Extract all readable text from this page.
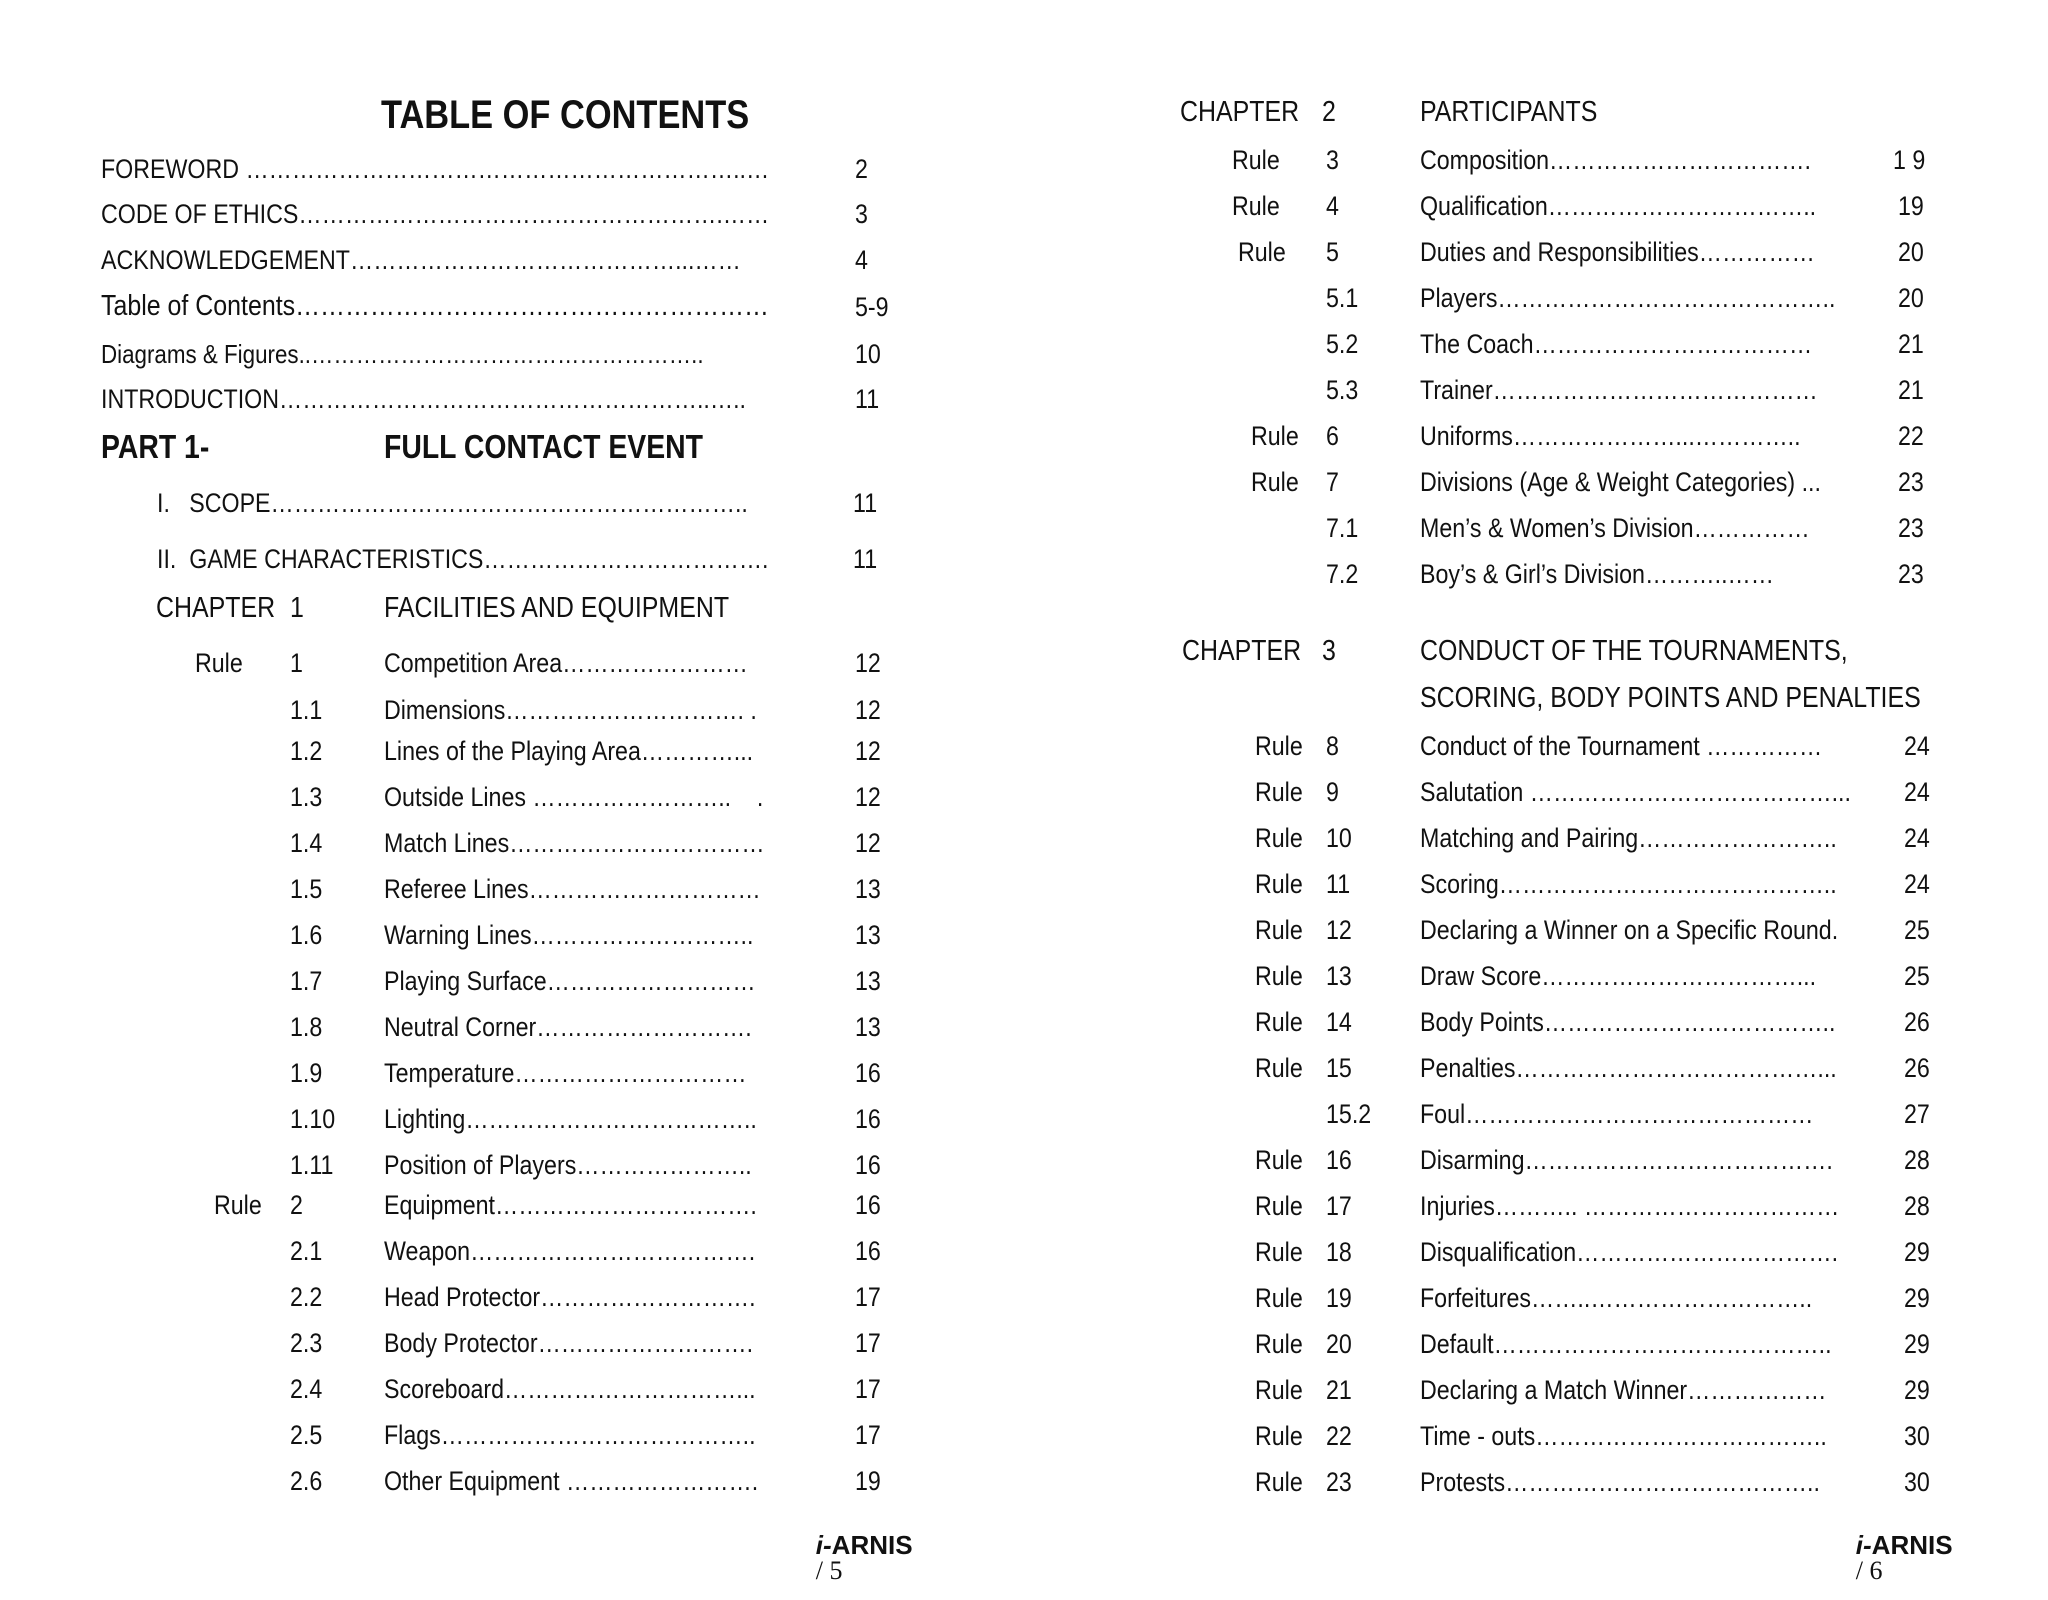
TABLE OF CONTENTS
FOREWORD ………………………………………………………..…	2
CODE OF ETHICS……………………………………………….……	3
ACKNOWLEDGEMENT……………………………………...……	4
Table of Contents…………………………………………………	5-9
Diagrams & Figures..……………………………………………..	10
INTRODUCTION………………………………………………..…..	11
PART 1-	FULL CONTACT EVENT
I.   SCOPE……………………………………………………..	11
II.  GAME CHARACTERISTICS……………………………….	11
CHAPTER 1	FACILITIES AND EQUIPMENT
Rule 1	Competition Area……………………	12
1.1 Dimensions…………………………. .	12
1.2 Lines of the Playing Area…………...	12
1.3 Outside Lines ……………………..    .	12
1.4 Match Lines……………………………	12
1.5 Referee Lines…………………………	13
1.6 Warning Lines………………………..	13
1.7 Playing Surface………………………	13
1.8 Neutral Corner……………………….	13
1.9 Temperature…………………………	16
1.10 Lighting………………………………..	16
1.11 Position of Players…………………..	16
Rule 2	Equipment…………………………….	16
2.1 Weapon……………………………….	16
2.2 Head Protector……………………….	17
2.3 Body Protector……………………….	17
2.4 Scoreboard…………………………...	17
2.5 Flags…………………………………..	17
2.6 Other Equipment …………………….	19

i-ARNIS
/ 5

CHAPTER 2	PARTICIPANTS
Rule 3	Composition…………………………….	1 9
Rule 4	Qualification……………………………..	19
Rule 5	Duties and Responsibilities……………	20
5.1 Players…………………………………….. 20
5.2 The Coach………………………………	21
5.3 Trainer……………………………………	21
Rule 6	Uniforms…………………...…………..	22
Rule 7	Divisions (Age & Weight Categories) ...	23
7.1 Men’s & Women’s Division……………	23
7.2 Boy’s & Girl’s Division………..……	23
CHAPTER 3	CONDUCT OF THE TOURNAMENTS,
SCORING, BODY POINTS AND PENALTIES
Rule 8	Conduct of the Tournament ……………	24
Rule 9	Salutation …………………………………... 24
Rule 10	Matching and Pairing…………………….. 24
Rule 11	Scoring…………………………………….. 24
Rule 12	Declaring a Winner on a Specific Round. 25
Rule 13	Draw Score……………………………...	25
Rule 14	Body Points………………………………..	26
Rule 15	Penalties…………………………………... 26
15.2 Foul………………………………………	27
Rule 16	Disarming………………………………….	28
Rule 17	Injuries……….. …………………………… 28
Rule 18	Disqualification……………………………. 29
Rule 19	Forfeitures……..………………………..	29
Rule 20	Default……………………………………..	29
Rule 21	Declaring a Match Winner………………	29
Rule 22	Time - outs………………………………..	30
Rule 23	Protests…………………………………..	30

i-ARNIS
/ 6
